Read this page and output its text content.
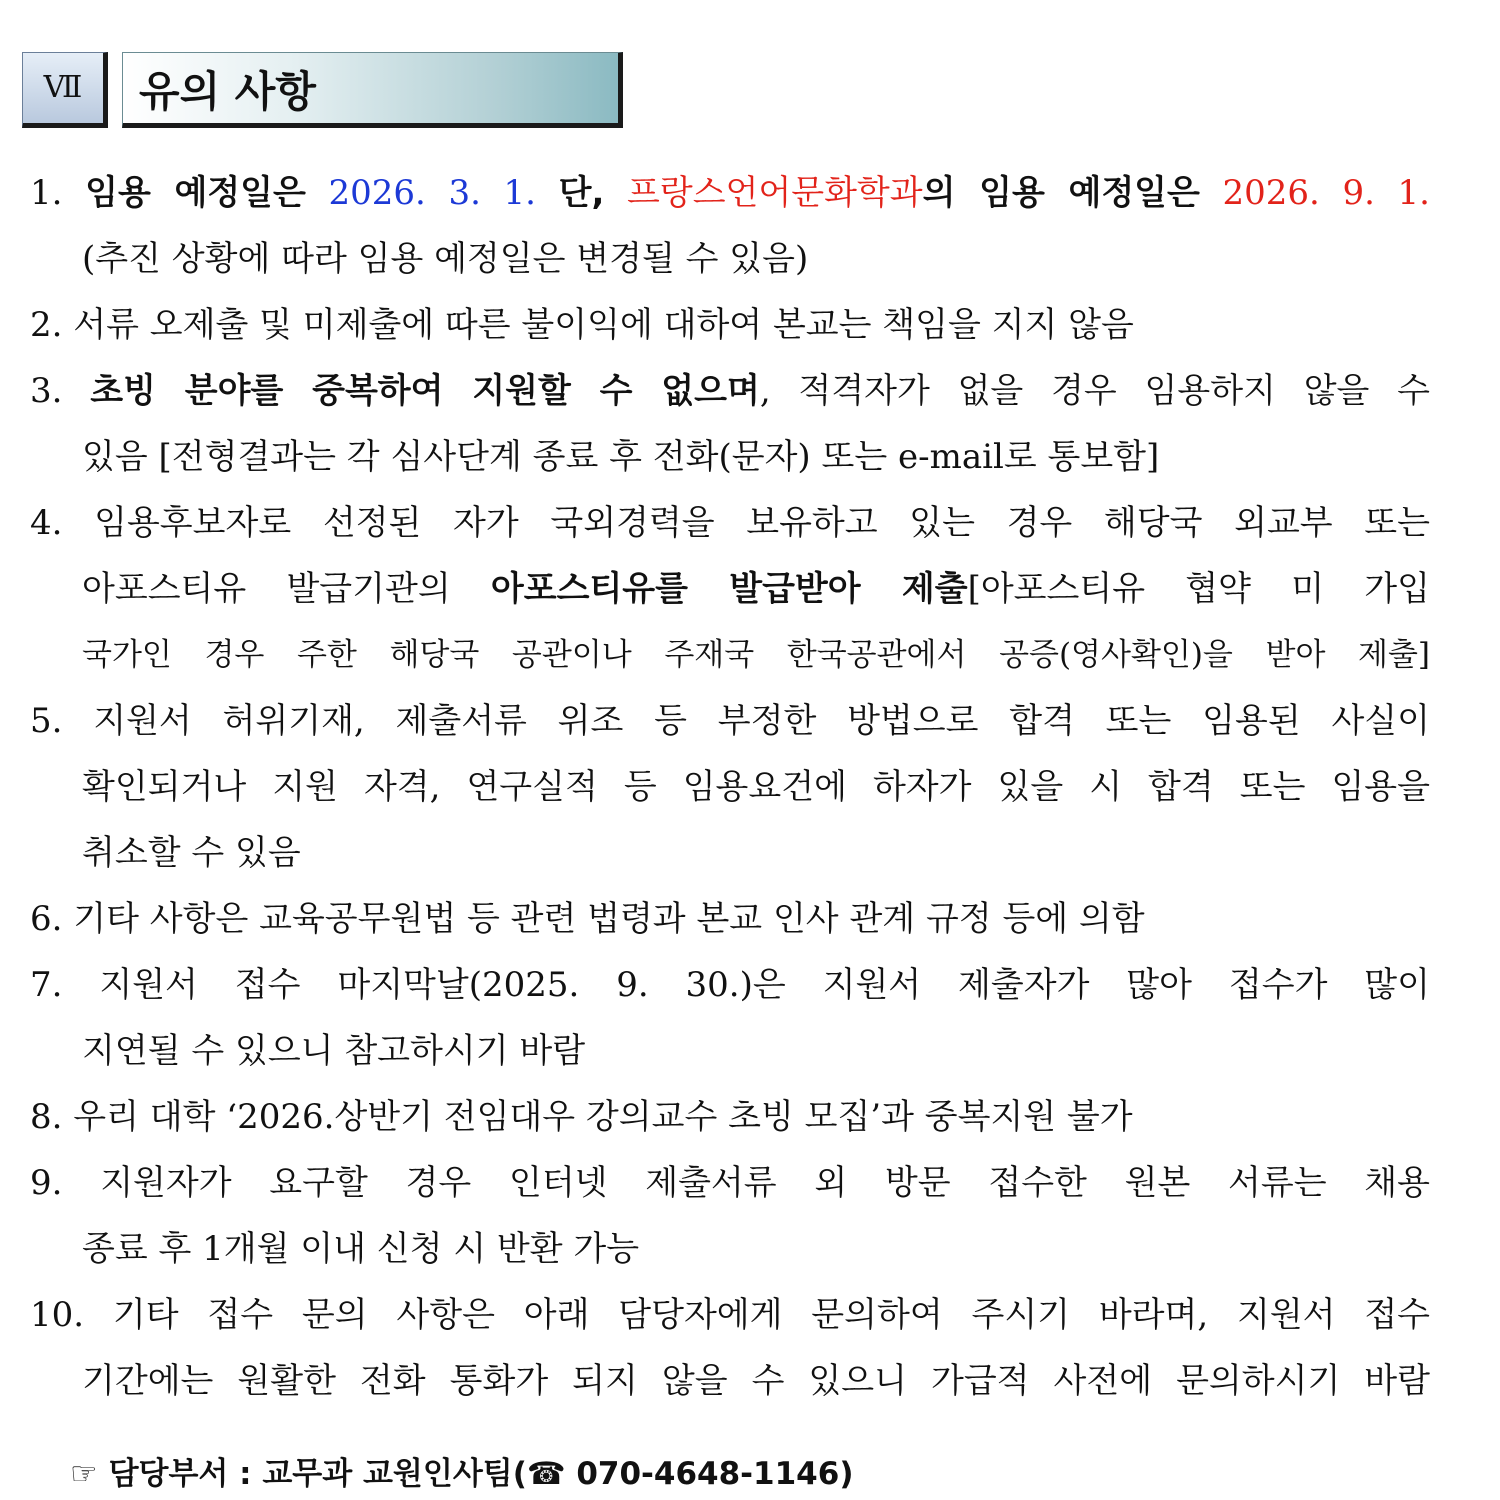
Ⅶ	유의 사항
1. 임용 예정일은 2026. 3. 1. 단, 프랑스언어문화학과의 임용 예정일은 2026. 9. 1.
(추진 상황에 따라 임용 예정일은 변경될 수 있음)
2. 서류 오제출 및 미제출에 따른 불이익에 대하여 본교는 책임을 지지 않음
3. 초빙 분야를 중복하여 지원할 수 없으며, 적격자가 없을 경우 임용하지 않을 수
있음 [전형결과는 각 심사단계 종료 후 전화(문자) 또는 e-mail로 통보함]
4. 임용후보자로 선정된 자가 국외경력을 보유하고 있는 경우 해당국 외교부 또는
아포스티유 발급기관의 아포스티유를 발급받아 제출[아포스티유 협약 미 가입
국가인 경우 주한 해당국 공관이나 주재국 한국공관에서 공증(영사확인)을 받아 제출]
5. 지원서 허위기재, 제출서류 위조 등 부정한 방법으로 합격 또는 임용된 사실이
확인되거나 지원 자격, 연구실적 등 임용요건에 하자가 있을 시 합격 또는 임용을
취소할 수 있음
6. 기타 사항은 교육공무원법 등 관련 법령과 본교 인사 관계 규정 등에 의함
7. 지원서 접수 마지막날(2025. 9. 30.)은 지원서 제출자가 많아 접수가 많이
지연될 수 있으니 참고하시기 바람
8. 우리 대학 ‘2026.상반기 전임대우 강의교수 초빙 모집’과 중복지원 불가
9. 지원자가 요구할 경우 인터넷 제출서류 외 방문 접수한 원본 서류는 채용
종료 후 1개월 이내 신청 시 반환 가능
10. 기타 접수 문의 사항은 아래 담당자에게 문의하여 주시기 바라며, 지원서 접수
기간에는 원활한 전화 통화가 되지 않을 수 있으니 가급적 사전에 문의하시기 바람
☞ 담당부서 : 교무과 교원인사팀(☎ 070-4648-1146)
